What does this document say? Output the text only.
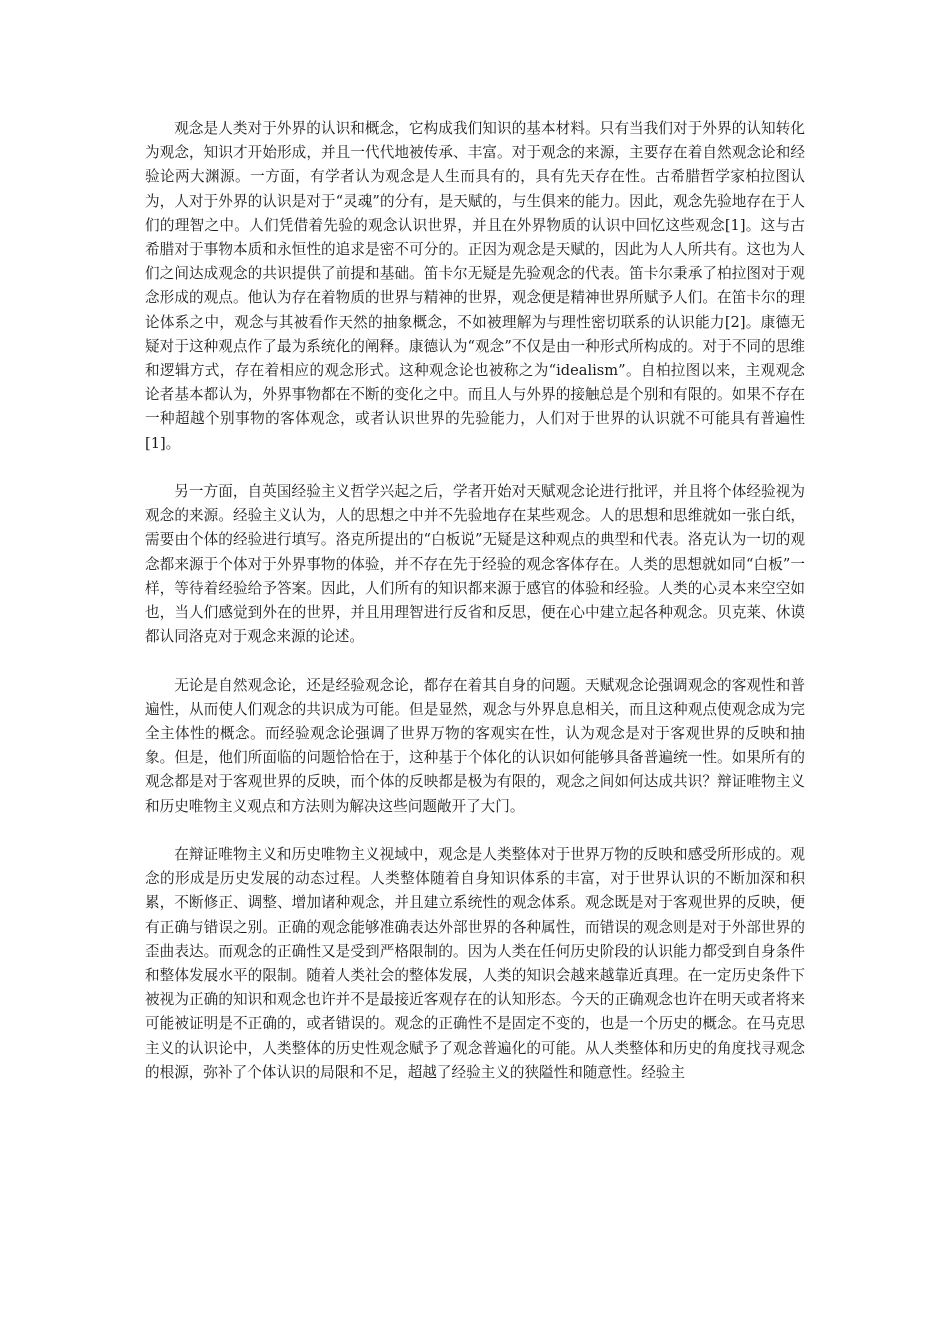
观念是人类对于外界的认识和概念，它构成我们知识的基本材料。只有当我们对于外界的认知转化为观念，知识才开始形成，并且一代代地被传承、丰富。对于观念的来源，主要存在着自然观念论和经验论两大渊源。一方面，有学者认为观念是人生而具有的，具有先天存在性。古希腊哲学家柏拉图认为，人对于外界的认识是对于“灵魂”的分有，是天赋的，与生俱来的能力。因此，观念先验地存在于人们的理智之中。人们凭借着先验的观念认识世界，并且在外界物质的认识中回忆这些观念[1]。这与古希腊对于事物本质和永恒性的追求是密不可分的。正因为观念是天赋的，因此为人人所共有。这也为人们之间达成观念的共识提供了前提和基础。笛卡尔无疑是先验观念的代表。笛卡尔秉承了柏拉图对于观念形成的观点。他认为存在着物质的世界与精神的世界，观念便是精神世界所赋予人们。在笛卡尔的理论体系之中，观念与其被看作天然的抽象概念，不如被理解为与理性密切联系的认识能力[2]。康德无疑对于这种观点作了最为系统化的阐释。康德认为“观念”不仅是由一种形式所构成的。对于不同的思维和逻辑方式，存在着相应的观念形式。这种观念论也被称之为“idealism”。自柏拉图以来，主观观念论者基本都认为，外界事物都在不断的变化之中。而且人与外界的接触总是个别和有限的。如果不存在一种超越个别事物的客体观念，或者认识世界的先验能力，人们对于世界的认识就不可能具有普遍性[1]。

另一方面，自英国经验主义哲学兴起之后，学者开始对天赋观念论进行批评，并且将个体经验视为观念的来源。经验主义认为，人的思想之中并不先验地存在某些观念。人的思想和思维就如一张白纸，需要由个体的经验进行填写。洛克所提出的“白板说”无疑是这种观点的典型和代表。洛克认为一切的观念都来源于个体对于外界事物的体验，并不存在先于经验的观念客体存在。人类的思想就如同“白板”一样，等待着经验给予答案。因此，人们所有的知识都来源于感官的体验和经验。人类的心灵本来空空如也，当人们感觉到外在的世界，并且用理智进行反省和反思，便在心中建立起各种观念。贝克莱、休谟都认同洛克对于观念来源的论述。

无论是自然观念论，还是经验观念论，都存在着其自身的问题。天赋观念论强调观念的客观性和普遍性，从而使人们观念的共识成为可能。但是显然，观念与外界息息相关，而且这种观点使观念成为完全主体性的概念。而经验观念论强调了世界万物的客观实在性，认为观念是对于客观世界的反映和抽象。但是，他们所面临的问题恰恰在于，这种基于个体化的认识如何能够具备普遍统一性。如果所有的观念都是对于客观世界的反映，而个体的反映都是极为有限的，观念之间如何达成共识？辩证唯物主义和历史唯物主义观点和方法则为解决这些问题敞开了大门。

在辩证唯物主义和历史唯物主义视域中，观念是人类整体对于世界万物的反映和感受所形成的。观念的形成是历史发展的动态过程。人类整体随着自身知识体系的丰富，对于世界认识的不断加深和积累，不断修正、调整、增加诸种观念，并且建立系统性的观念体系。观念既是对于客观世界的反映，便有正确与错误之别。正确的观念能够准确表达外部世界的各种属性，而错误的观念则是对于外部世界的歪曲表达。而观念的正确性又是受到严格限制的。因为人类在任何历史阶段的认识能力都受到自身条件和整体发展水平的限制。随着人类社会的整体发展，人类的知识会越来越靠近真理。在一定历史条件下被视为正确的知识和观念也许并不是最接近客观存在的认知形态。今天的正确观念也许在明天或者将来可能被证明是不正确的，或者错误的。观念的正确性不是固定不变的，也是一个历史的概念。在马克思主义的认识论中，人类整体的历史性观念赋予了观念普遍化的可能。从人类整体和历史的角度找寻观念的根源，弥补了个体认识的局限和不足，超越了经验主义的狭隘性和随意性。经验主
